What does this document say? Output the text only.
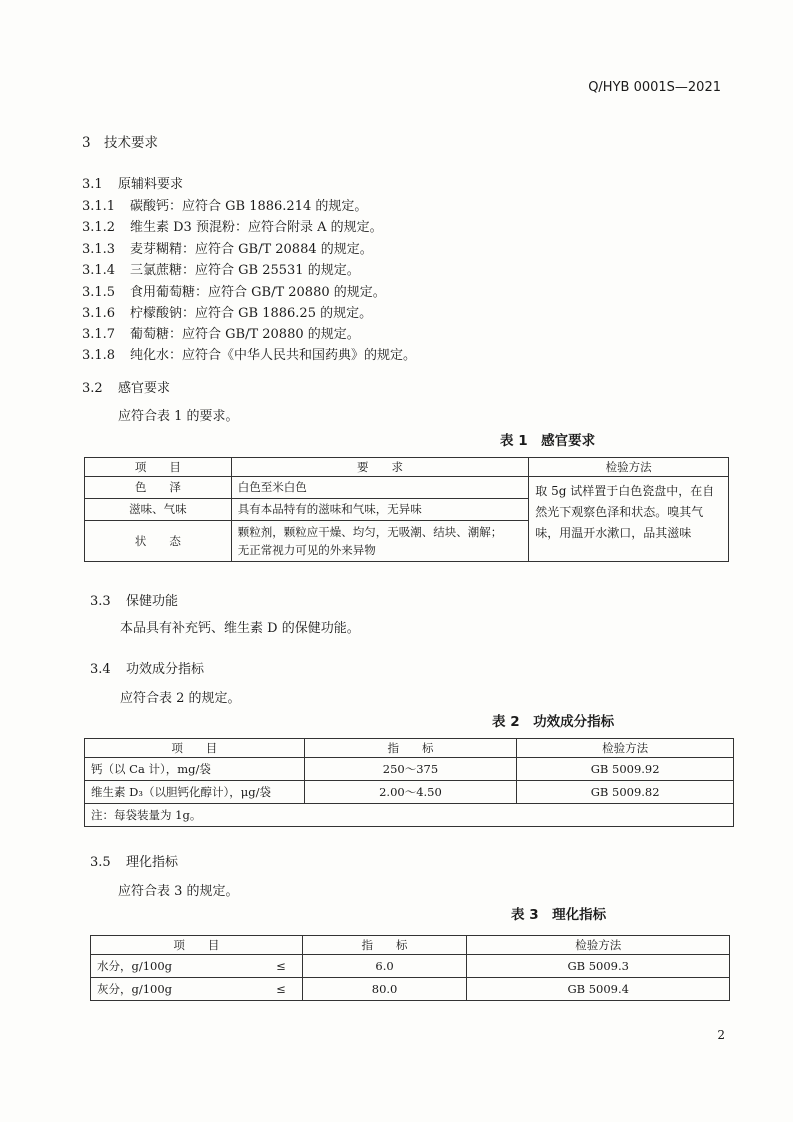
Q/HYB 0001S—2021
3 技术要求
3.1 原辅料要求
3.1.1 碳酸钙：应符合 GB 1886.214 的规定。
3.1.2 维生素 D3 预混粉：应符合附录 A 的规定。
3.1.3 麦芽糊精：应符合 GB/T 20884 的规定。
3.1.4 三氯蔗糖：应符合 GB 25531 的规定。
3.1.5 食用葡萄糖：应符合 GB/T 20880 的规定。
3.1.6 柠檬酸钠：应符合 GB 1886.25 的规定。
3.1.7 葡萄糖：应符合 GB/T 20880 的规定。
3.1.8 纯化水：应符合《中华人民共和国药典》的规定。
3.2 感官要求
应符合表 1 的要求。
表 1　感官要求
项　　目	要　　求	检验方法
色　　泽	白色至米白色	取 5g 试样置于白色瓷盘中，在自
然光下观察色泽和状态。嗅其气
味，用温开水漱口，品其滋味

滋味、气味	具有本品特有的滋味和气味，无异味	
状　　态	颗粒剂，颗粒应干燥、均匀，无吸潮、结块、潮解；
无正常视力可见的外来异物	
3.3 保健功能
本品具有补充钙、维生素 D 的保健功能。
3.4 功效成分指标
应符合表 2 的规定。
表 2　功效成分指标
项　　目	指　　标	检验方法
钙（以 Ca 计），mg/袋	250～375	GB 5009.92
维生素 D₃（以胆钙化醇计），μg/袋	2.00～4.50	GB 5009.82
注：每袋装量为 1g。		
3.5 理化指标
应符合表 3 的规定。
表 3　理化指标
项　　目		指　　标	检验方法
水分，g/100g	≤	6.0	GB 5009.3
灰分，g/100g	≤	80.0	GB 5009.4
2
